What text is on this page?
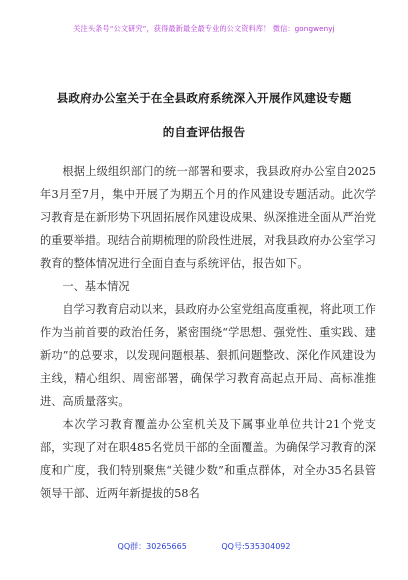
关注头条号“公文研究”，获得最新最全最专业的公文资料库！ 微信：gongwenyj
县政府办公室关于在全县政府系统深入开展作风建设专题
的自查评估报告

根据上级组织部门的统一部署和要求，我县政府办公室自2025年3月至7月，集中开展了为期五个月的作风建设专题活动。此次学习教育是在新形势下巩固拓展作风建设成果、纵深推进全面从严治党的重要举措。现结合前期梳理的阶段性进展，对我县政府办公室学习教育的整体情况进行全面自查与系统评估，报告如下。

一、基本情况

自学习教育启动以来，县政府办公室党组高度重视，将此项工作作为当前首要的政治任务，紧密围绕“学思想、强党性、重实践、建新功”的总要求，以发现问题根基、狠抓问题整改、深化作风建设为主线，精心组织、周密部署，确保学习教育高起点开局、高标准推进、高质量落实。

本次学习教育覆盖办公室机关及下属事业单位共计21个党支部，实现了对在职485名党员干部的全面覆盖。为确保学习教育的深度和广度，我们特别聚焦“关键少数”和重点群体，对全办35名县管领导干部、近两年新提拔的58名

QQ群：30265665	QQ号:535304092
